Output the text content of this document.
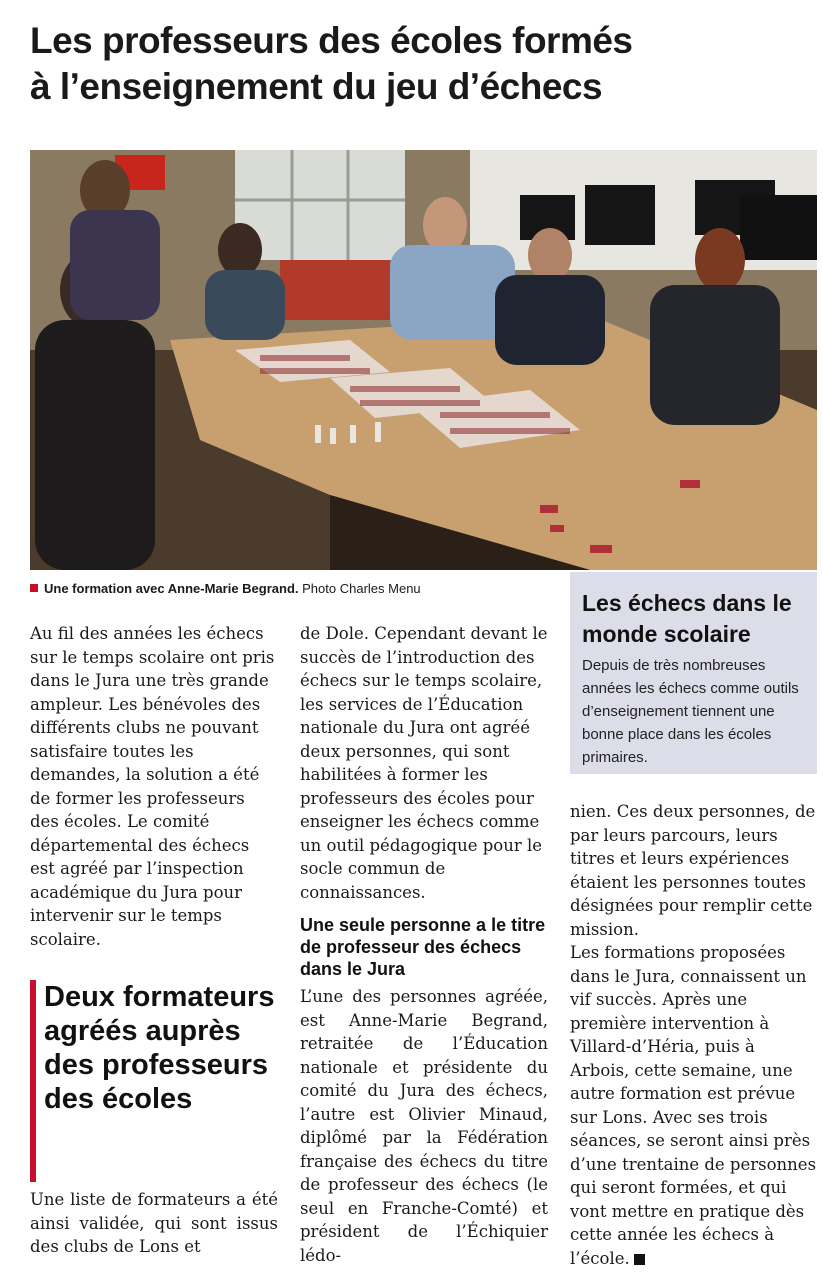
Les professeurs des écoles formés
à l’enseignement du jeu d’échecs
Une formation avec Anne-Marie Begrand. Photo Charles Menu
Les échecs dans le monde scolaire

Depuis de très nombreuses années les échecs comme outils d’enseignement tiennent une bonne place dans les écoles primaires.

Au fil des années les échecs sur le temps scolaire ont pris dans le Jura une très grande ampleur. Les bénévoles des différents clubs ne pouvant satisfaire toutes les demandes, la solution a été de former les professeurs des écoles. Le comité départemental des échecs est agréé par l’inspection académique du Jura pour intervenir sur le temps scolaire.

Deux formateurs agréés auprès des professeurs des écoles

Une liste de formateurs a été ainsi validée, qui sont issus des clubs de Lons et

de Dole. Cependant devant le succès de l’introduction des échecs sur le temps scolaire, les services de l’Éducation nationale du Jura ont agréé deux personnes, qui sont habilitées à former les professeurs des écoles pour enseigner les échecs comme un outil pédagogique pour le socle commun de connaissances.

Une seule personne a le titre de professeur des échecs dans le Jura

L’une des personnes agréée, est Anne-Marie Begrand, retraitée de l’Éducation nationale et présidente du comité du Jura des échecs, l’autre est Olivier Minaud, diplômé par la Fédération française des échecs du titre de professeur des échecs (le seul en Franche-Comté) et président de l’Échiquier lédo-

nien. Ces deux personnes, de par leurs parcours, leurs titres et leurs expériences étaient les personnes toutes désignées pour remplir cette mission.

Les formations proposées dans le Jura, connaissent un vif succès. Après une première intervention à Villard-d’Héria, puis à Arbois, cette semaine, une autre formation est prévue sur Lons. Avec ses trois séances, se seront ainsi près d’une trentaine de personnes qui seront formées, et qui vont mettre en pratique dès cette année les échecs à l’école.
